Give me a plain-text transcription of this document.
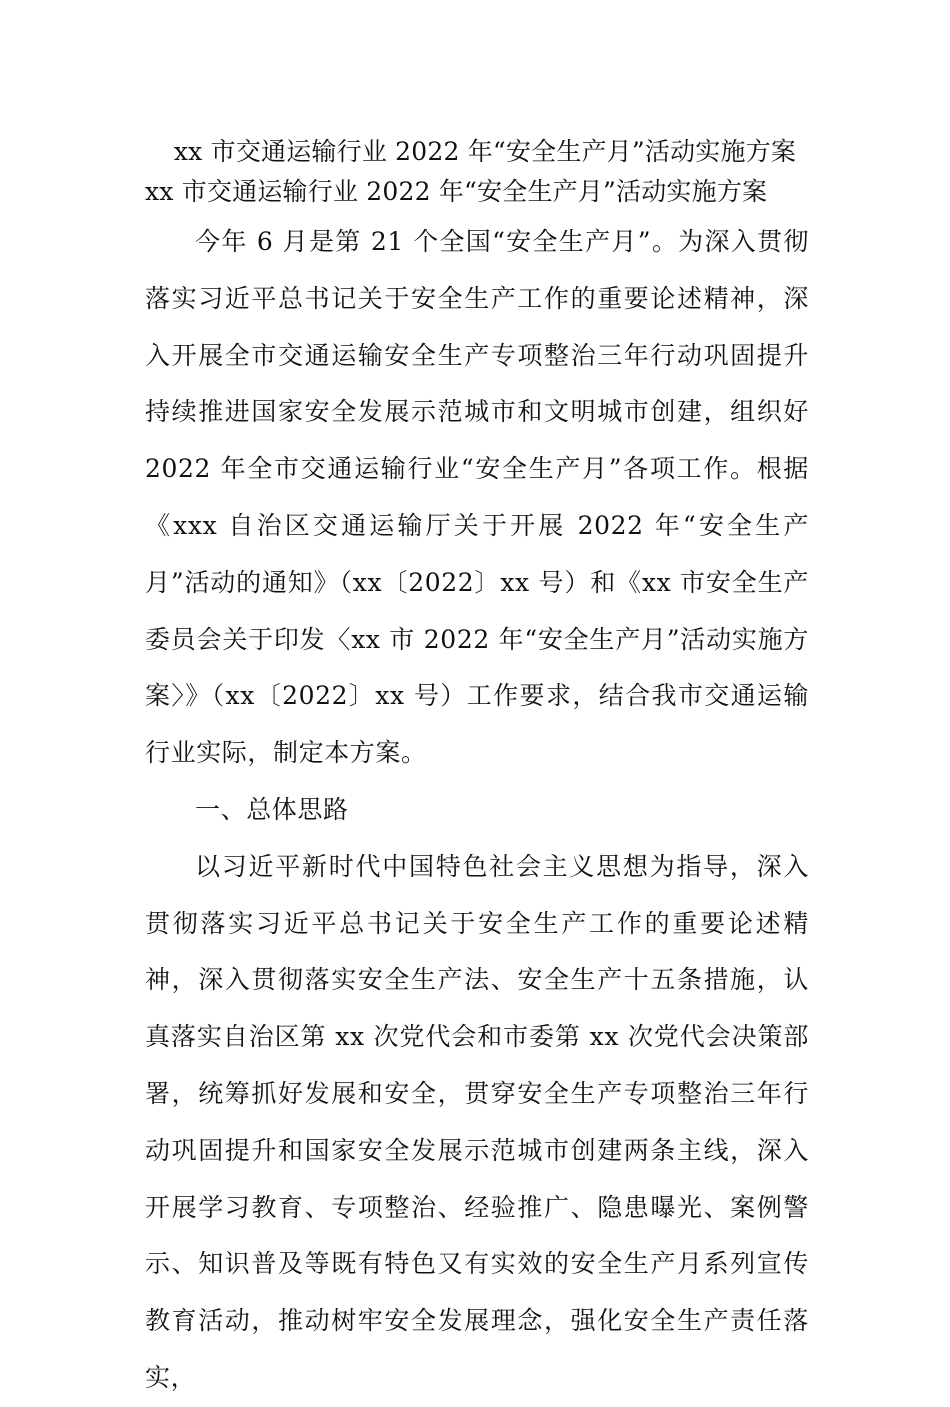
xx 市交通运输行业 2022 年“安全生产月”活动实施方案
xx 市交通运输行业 2022 年“安全生产月”活动实施方案

今年 6 月是第 21 个全国“安全生产月”。为深入贯彻落实习近平总书记关于安全生产工作的重要论述精神，深入开展全市交通运输安全生产专项整治三年行动巩固提升持续推进国家安全发展示范城市和文明城市创建，组织好 2022 年全市交通运输行业“安全生产月”各项工作。根据《xxx 自治区交通运输厅关于开展 2022 年“安全生产月”活动的通知》（xx〔2022〕xx 号）和《xx 市安全生产委员会关于印发〈xx 市 2022 年“安全生产月”活动实施方案〉》（xx〔2022〕xx 号）工作要求，结合我市交通运输行业实际，制定本方案。

一、总体思路

以习近平新时代中国特色社会主义思想为指导，深入贯彻落实习近平总书记关于安全生产工作的重要论述精神，深入贯彻落实安全生产法、安全生产十五条措施，认真落实自治区第 xx 次党代会和市委第 xx 次党代会决策部署，统筹抓好发展和安全，贯穿安全生产专项整治三年行动巩固提升和国家安全发展示范城市创建两条主线，深入开展学习教育、专项整治、经验推广、隐患曝光、案例警示、知识普及等既有特色又有实效的安全生产月系列宣传教育活动，推动树牢安全发展理念，强化安全生产责任落实，
